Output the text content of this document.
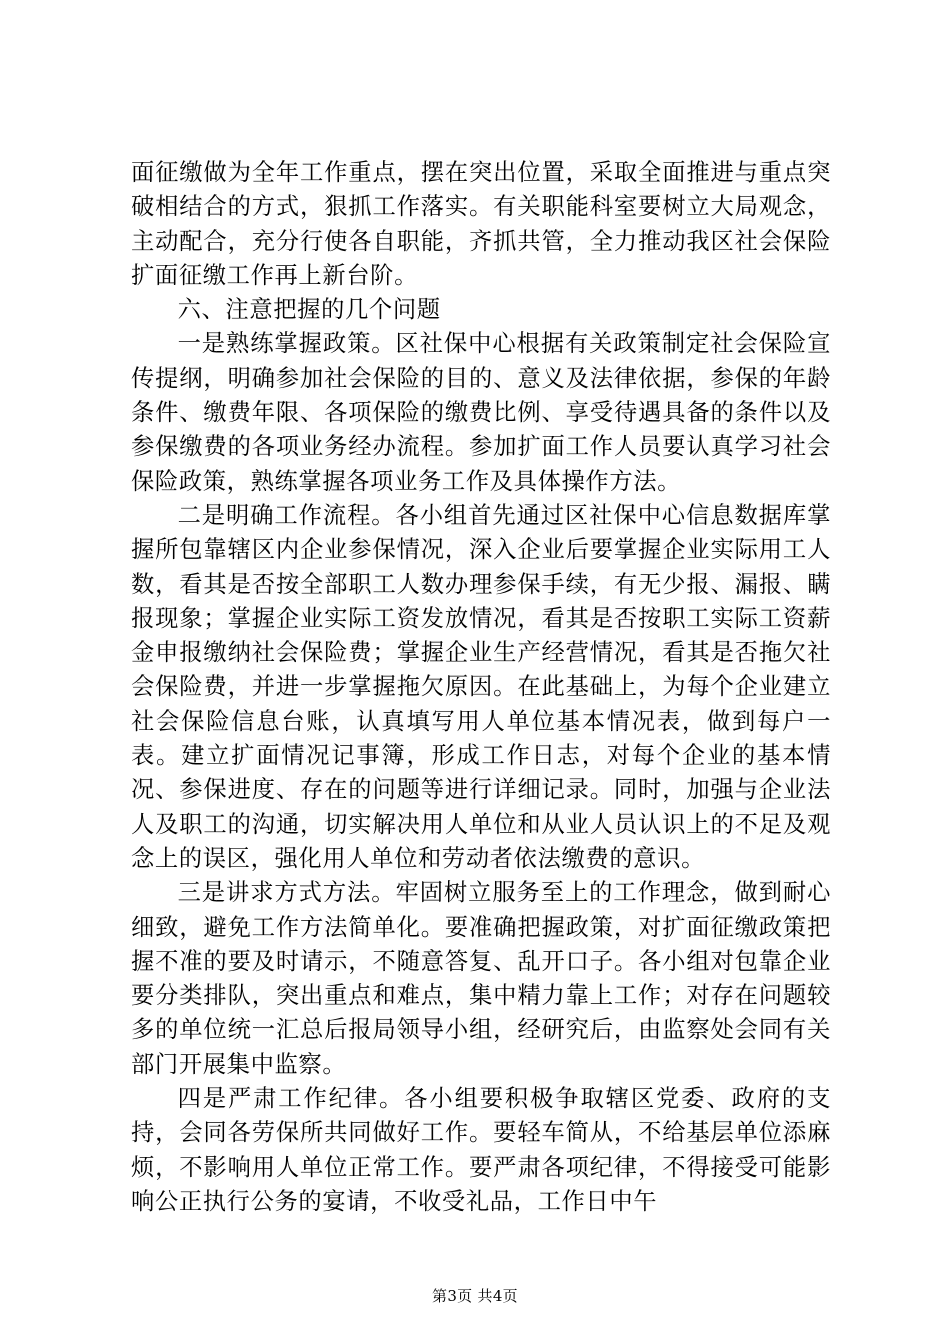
面征缴做为全年工作重点，摆在突出位置，采取全面推进与重点突破相结合的方式，狠抓工作落实。有关职能科室要树立大局观念，主动配合，充分行使各自职能，齐抓共管，全力推动我区社会保险扩面征缴工作再上新台阶。

六、注意把握的几个问题

一是熟练掌握政策。区社保中心根据有关政策制定社会保险宣传提纲，明确参加社会保险的目的、意义及法律依据，参保的年龄条件、缴费年限、各项保险的缴费比例、享受待遇具备的条件以及参保缴费的各项业务经办流程。参加扩面工作人员要认真学习社会保险政策，熟练掌握各项业务工作及具体操作方法。

二是明确工作流程。各小组首先通过区社保中心信息数据库掌握所包靠辖区内企业参保情况，深入企业后要掌握企业实际用工人数，看其是否按全部职工人数办理参保手续，有无少报、漏报、瞒报现象；掌握企业实际工资发放情况，看其是否按职工实际工资薪金申报缴纳社会保险费；掌握企业生产经营情况，看其是否拖欠社会保险费，并进一步掌握拖欠原因。在此基础上，为每个企业建立社会保险信息台账，认真填写用人单位基本情况表，做到每户一表。建立扩面情况记事簿，形成工作日志，对每个企业的基本情况、参保进度、存在的问题等进行详细记录。同时，加强与企业法人及职工的沟通，切实解决用人单位和从业人员认识上的不足及观念上的误区，强化用人单位和劳动者依法缴费的意识。

三是讲求方式方法。牢固树立服务至上的工作理念，做到耐心细致，避免工作方法简单化。要准确把握政策，对扩面征缴政策把握不准的要及时请示，不随意答复、乱开口子。各小组对包靠企业要分类排队，突出重点和难点，集中精力靠上工作；对存在问题较多的单位统一汇总后报局领导小组，经研究后，由监察处会同有关部门开展集中监察。

四是严肃工作纪律。各小组要积极争取辖区党委、政府的支持，会同各劳保所共同做好工作。要轻车简从，不给基层单位添麻烦，不影响用人单位正常工作。要严肃各项纪律，不得接受可能影响公正执行公务的宴请，不收受礼品，工作日中午

第3页 共4页
